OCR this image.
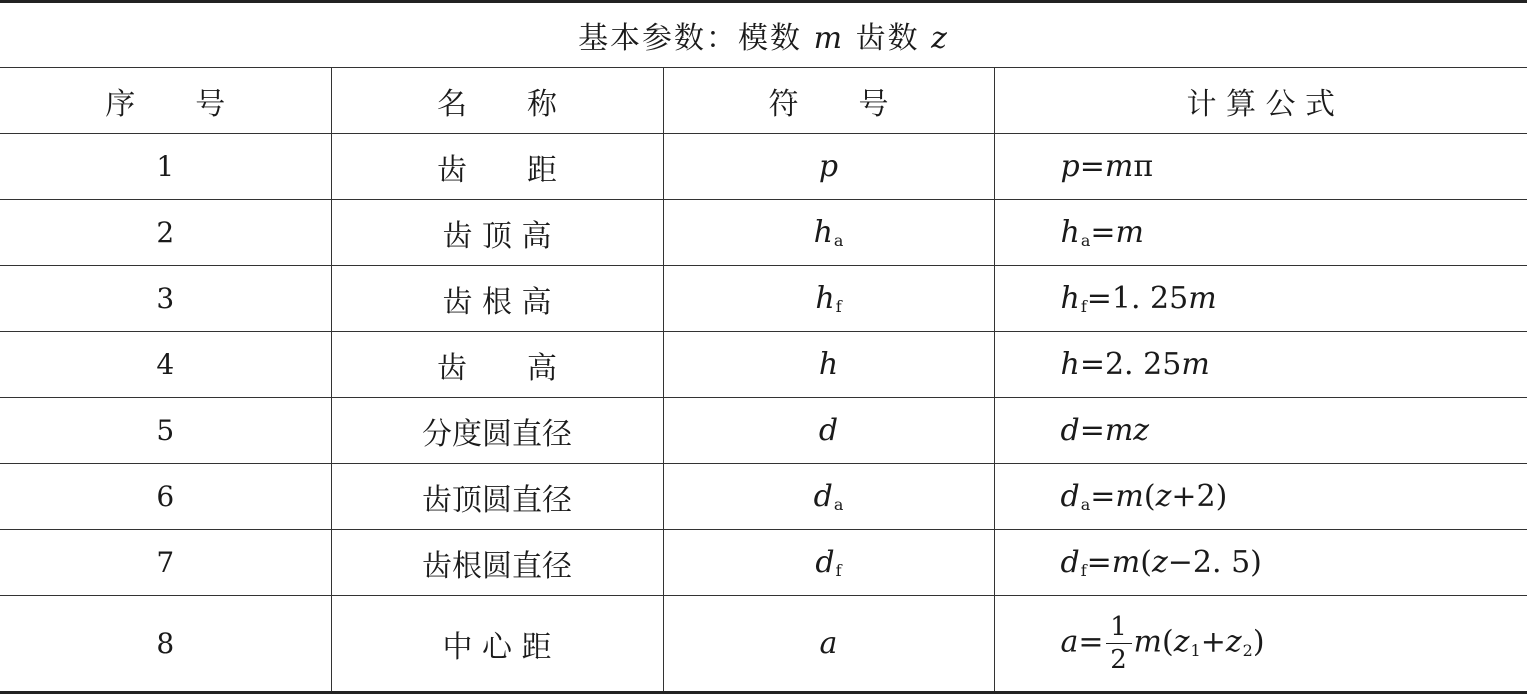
基本参数：模数 m 齿数 z			
序　　号	名　　称	符　　号	计 算 公 式
1	齿　　距	p	p=mπ
2	齿 顶 高	$h_a$	$h_a=m$
3	齿 根 高	$h_f$	$h_f=1$. 25m
4	齿　　高	h	h=2. 25m
5	分度圆直径	d	d=mz
6	齿顶圆直径	$d_a$	$d_a=m(z+2)$
7	齿根圆直径	$d_f$	$d_f=m(z-2$. 5)
8	中 心 距	a	$a= \frac{1}{2} m(z_1+z_2)$
